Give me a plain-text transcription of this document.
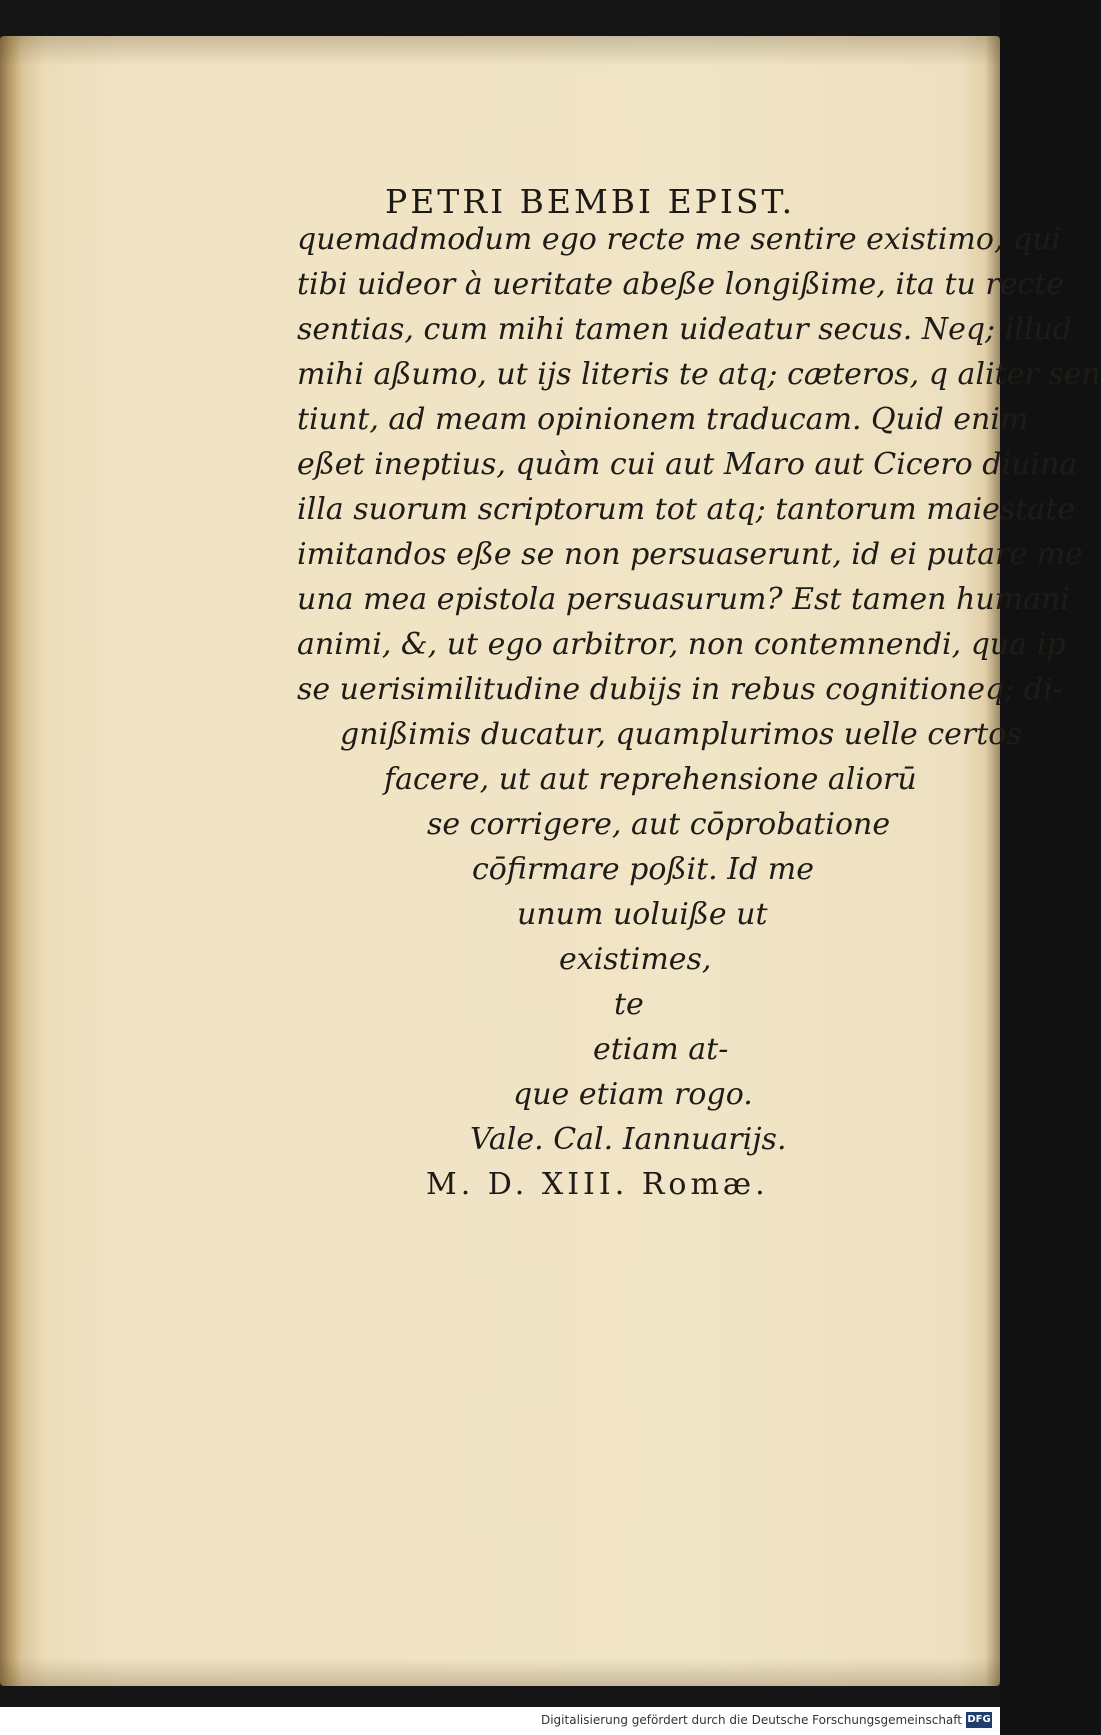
PETRI BEMBI EPIST.
quemadmodum ego recte me sentire existimo, qui
tibi uideor à ueritate abeße longißime, ita tu recte
sentias, cum mihi tamen uideatur secus. Neq; illud
mihi aßumo, ut ijs literis te atq; cæteros, q aliter sen
tiunt, ad meam opinionem traducam. Quid enim
eßet ineptius, quàm cui aut Maro aut Cicero diuina
illa suorum scriptorum tot atq; tantorum maiestate
imitandos eße se non persuaserunt, id ei putare me
una mea epistola persuasurum? Est tamen humani
animi, &, ut ego arbitror, non contemnendi, qua ip
se uerisimilitudine dubijs in rebus cognitioneq; di-
gnißimis ducatur, quamplurimos uelle certos
facere, ut aut reprehensione aliorū
se corrigere, aut cōprobatione
cōfirmare poßit. Id me
unum uoluiße ut
existimes,
te
etiam at-
que etiam rogo.
Vale. Cal. Iannuarijs.
M. D. XIII. Romæ.
Digitalisierung gefördert durch die Deutsche Forschungsgemeinschaft DFG
